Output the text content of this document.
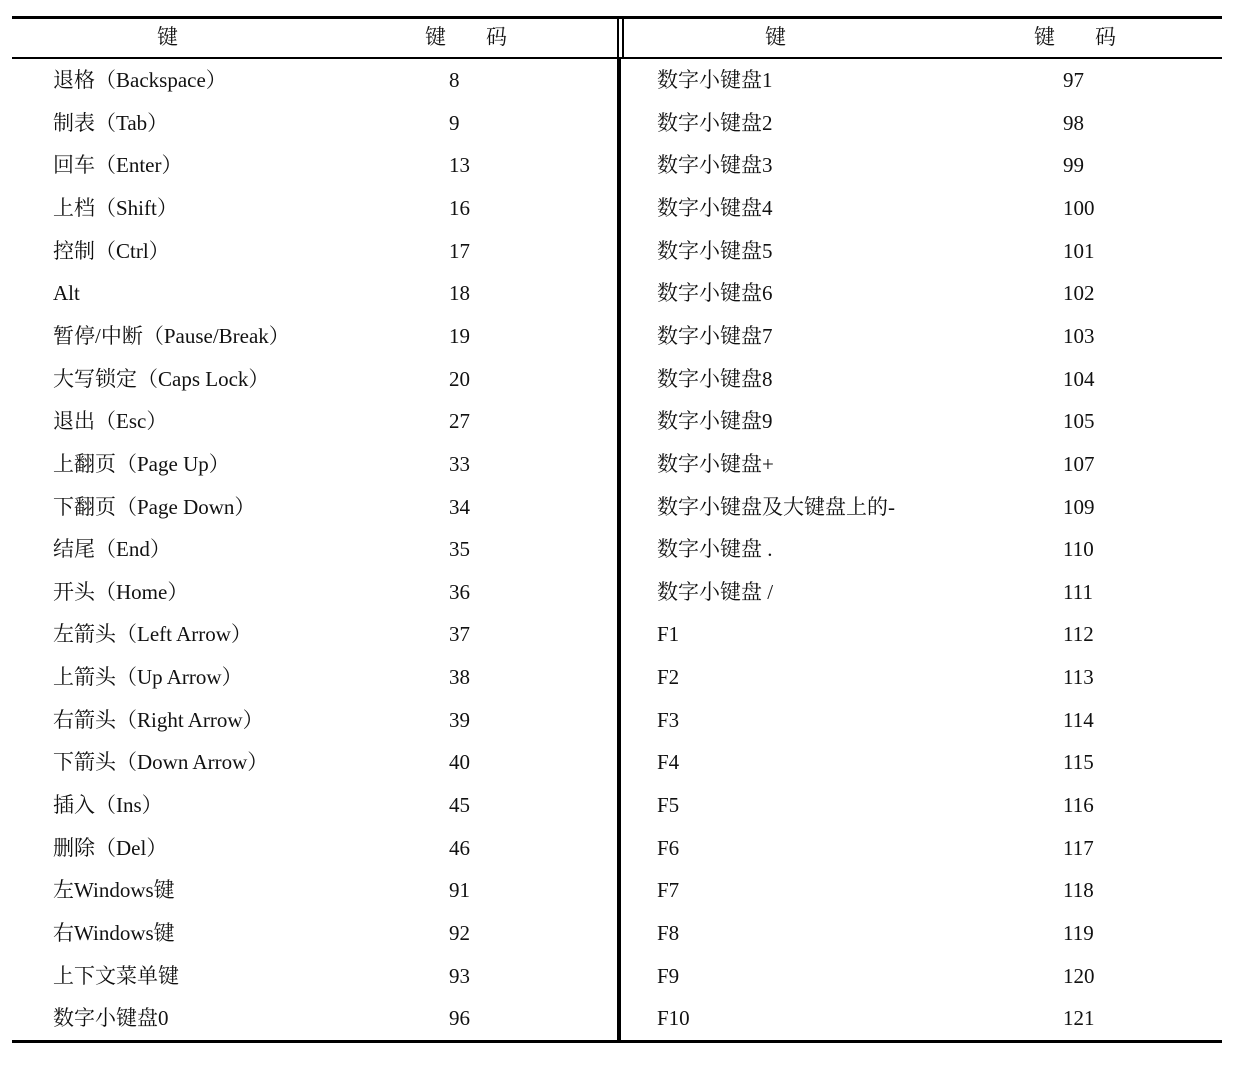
键	键码	键	键码
退格（Backspace）	8	数字小键盘1	97
制表（Tab）	9	数字小键盘2	98
回车（Enter）	13	数字小键盘3	99
上档（Shift）	16	数字小键盘4	100
控制（Ctrl）	17	数字小键盘5	101
Alt	18	数字小键盘6	102
暂停/中断（Pause/Break）	19	数字小键盘7	103
大写锁定（Caps Lock）	20	数字小键盘8	104
退出（Esc）	27	数字小键盘9	105
上翻页（Page Up）	33	数字小键盘+	107
下翻页（Page Down）	34	数字小键盘及大键盘上的-	109
结尾（End）	35	数字小键盘 .	110
开头（Home）	36	数字小键盘 /	111
左箭头（Left Arrow）	37	F1	112
上箭头（Up Arrow）	38	F2	113
右箭头（Right Arrow）	39	F3	114
下箭头（Down Arrow）	40	F4	115
插入（Ins）	45	F5	116
删除（Del）	46	F6	117
左Windows键	91	F7	118
右Windows键	92	F8	119
上下文菜单键	93	F9	120
数字小键盘0	96	F10	121
